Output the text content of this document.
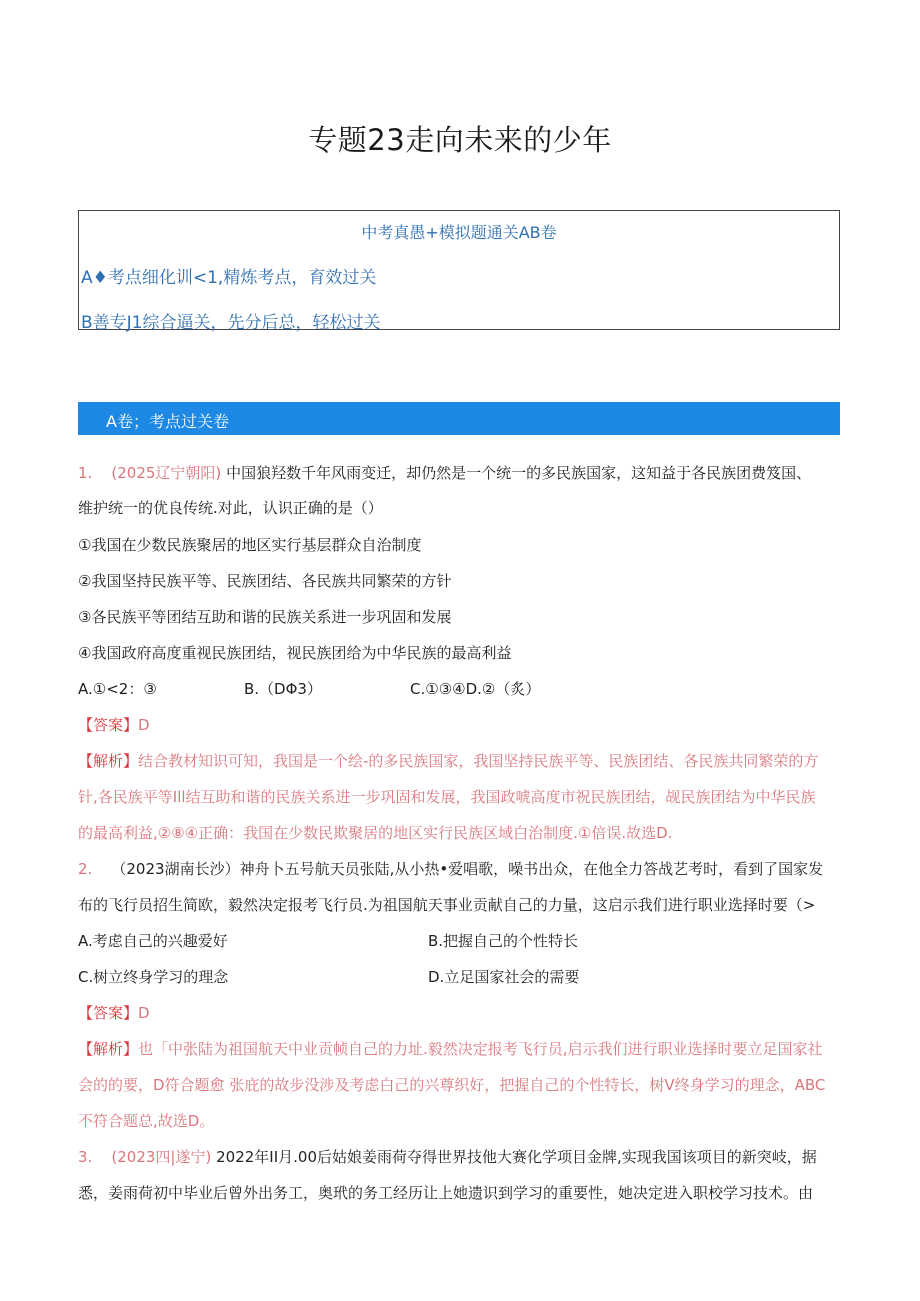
专题23走向未来的少年
中考真愚+模拟题通关AB卷
A♦考点细化训<1,精炼考点，育效过关
B善专J1综合逼关，先分后总，轻松过关
A卷；考点过关卷
1. (2025辽宁朝阳) 中国狼羟数千年风雨变迁，却仍然是一个统一的多民族国家，这知益于各民族团费笈国、
维护统一的优良传统.对此，认识正确的是（）
①我国在少数民族聚居的地区实行基层群众自治制度
②我国坚持民族平等、民族团结、各民族共同繁荣的方针
③各民族平等团结互助和谐的民族关系进一步巩固和发展
④我国政府高度重视民族团结，视民族团给为中华民族的最高利益
A.①<2：③	B.（DΦ3）	C.①③④D.②（炙）
【答案】D
【解析】结合教材知识可知，我国是一个绘-的多民族国家，我国坚持民族平等、民族团结、各民族共同繁荣的方
针,各民族平等Ill结互助和谐的民族关系进一步巩固和发展，我国政唬高度市祝民族团结，觇民族团结为中华民族
的最高利益,②⑧④正确：我国在少数民欺聚居的地区实行民族区域白治制度.①倍误.故选D.
2. （2023湖南长沙）神舟卜五号航天员张陆,从小热•爱唱歌，噪书出众，在他全力答战艺考时，看到了国家发
布的飞行员招生简欧，毅然决定报考飞行员.为祖国航天事业贡献自己的力量，这启示我们进行职业选择时要（>
A.考虑自己的兴趣爱好	B.把握自己的个性特长
C.树立终身学习的理念	D.立足国家社会的需要
【答案】D
【解析】也「中张陆为祖国航天中业贡帧自己的力址.毅然决定报考飞行员,启示我们进行职业选择时要立足国家社
会的的要，D符合题愈 张庇的故步没涉及考虑白己的兴尊织好，把握自己的个性特长，树V终身学习的理念，ABC
不符合题总,故选D。
3. (2023四|遂宁) 2022年II月.00后姑娘姜雨荷夺得世界技他大赛化学项目金牌,实现我国该项目的新突岐，据
悉，姜雨荷初中毕业后曾外出务工，奥玳的务工经历让上她遗识到学习的重要性，她决定进入职校学习技术。由
